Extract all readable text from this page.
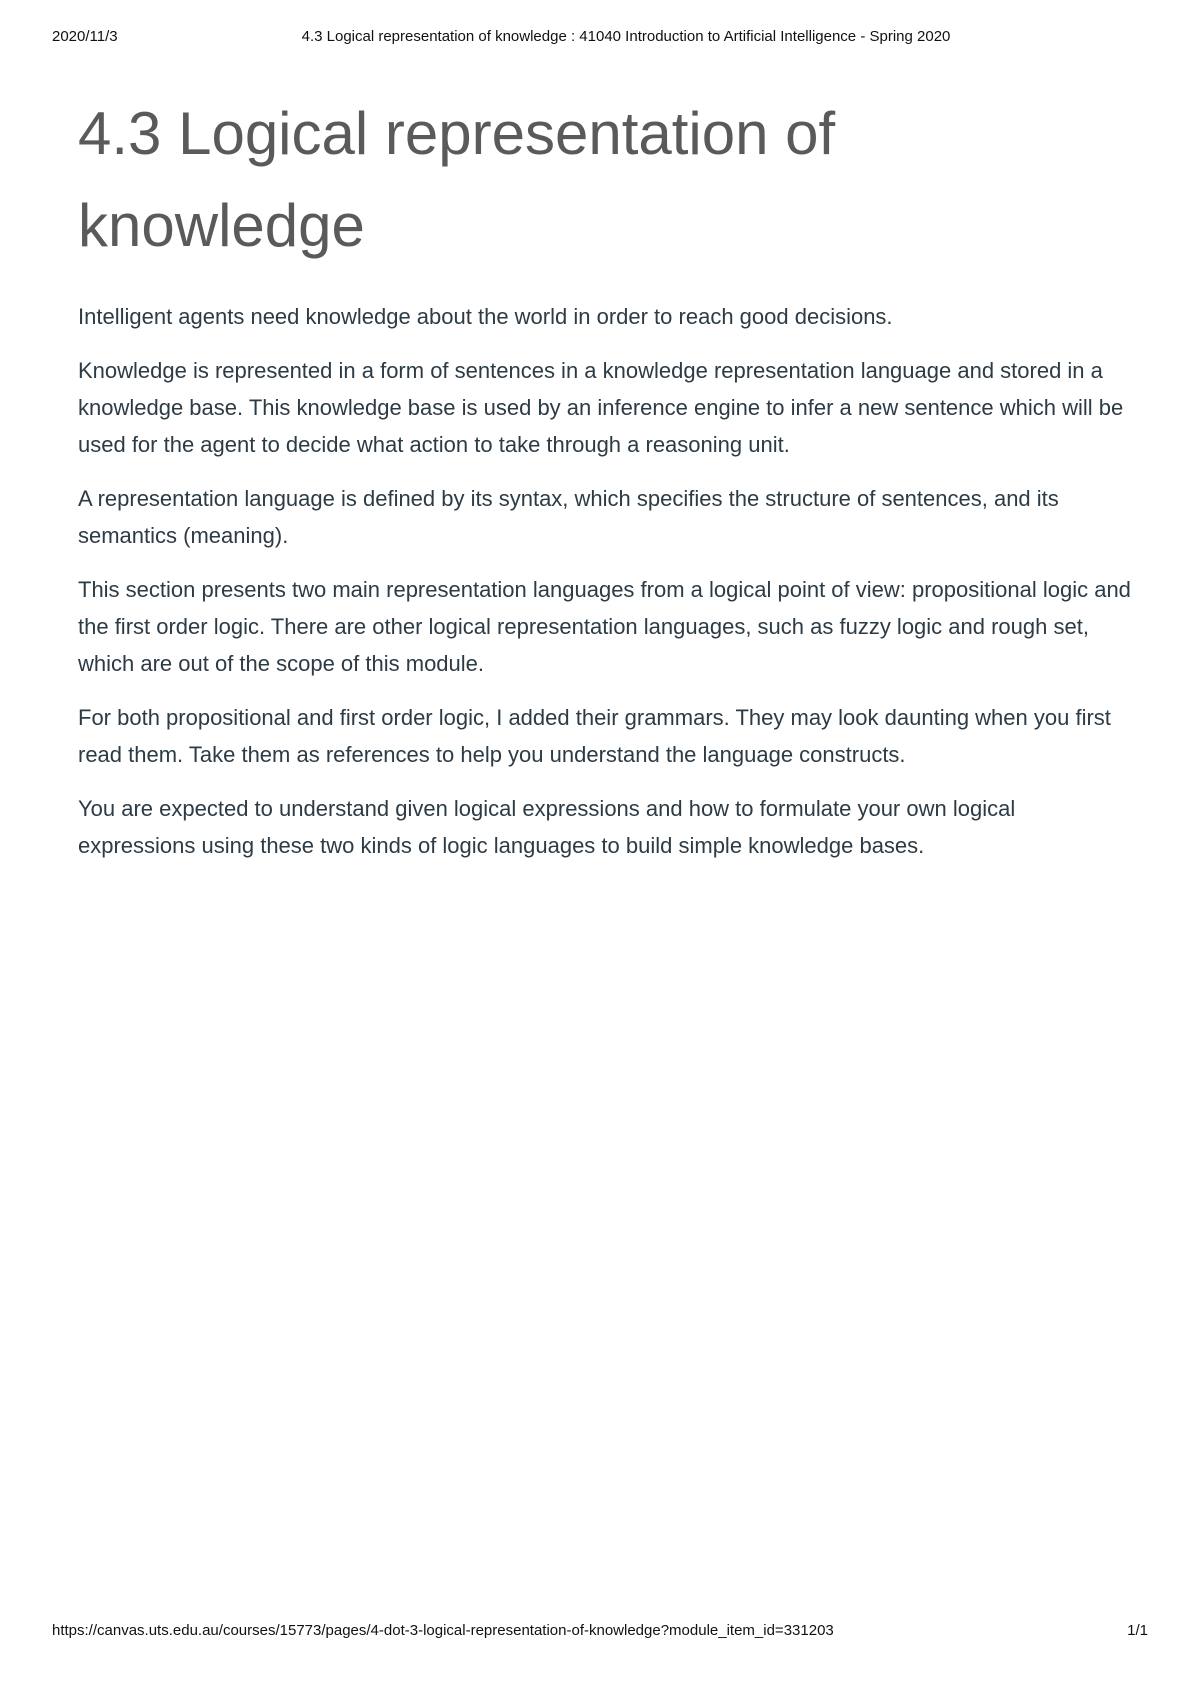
2020/11/3	4.3 Logical representation of knowledge : 41040 Introduction to Artificial Intelligence - Spring 2020
4.3 Logical representation of knowledge

Intelligent agents need knowledge about the world in order to reach good decisions.

Knowledge is represented in a form of sentences in a knowledge representation language and stored in a knowledge base. This knowledge base is used by an inference engine to infer a new sentence which will be used for the agent to decide what action to take through a reasoning unit.

A representation language is defined by its syntax, which specifies the structure of sentences, and its semantics (meaning).

This section presents two main representation languages from a logical point of view: propositional logic and the first order logic. There are other logical representation languages, such as fuzzy logic and rough set, which are out of the scope of this module.

For both propositional and first order logic, I added their grammars. They may look daunting when you first read them. Take them as references to help you understand the language constructs.

You are expected to understand given logical expressions and how to formulate your own logical expressions using these two kinds of logic languages to build simple knowledge bases.

https://canvas.uts.edu.au/courses/15773/pages/4-dot-3-logical-representation-of-knowledge?module_item_id=331203	1/1
